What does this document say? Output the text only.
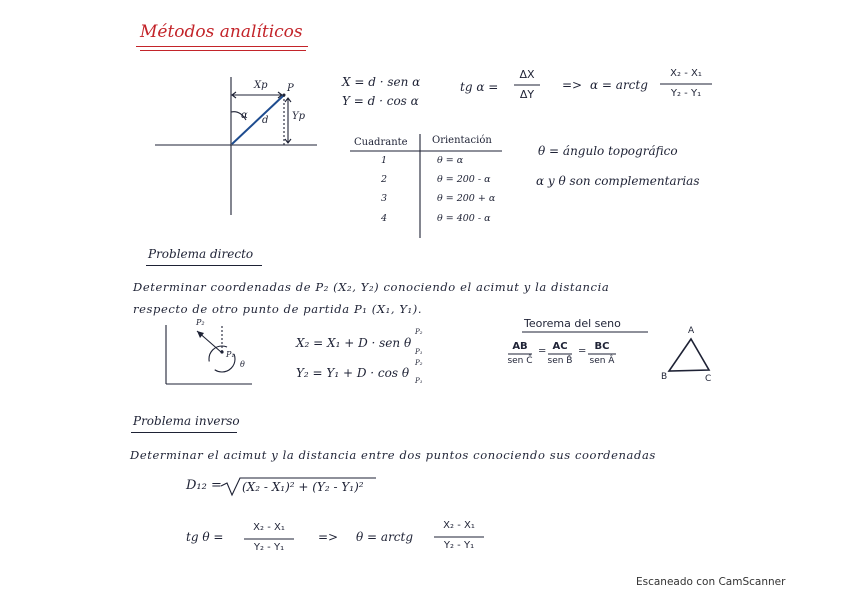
Métodos analíticos
Xp P
Yp
α d
X = d · sen α
Y = d · cos α
tg α =
ΔX
ΔY
=> α = arctg
X₂ - X₁
Y₂ - Y₁
Cuadrante Orientación
1	θ = α
2	θ = 200 - α
3	θ = 200 + α
4	θ = 400 - α
θ = ángulo topográfico
α y θ son complementarias
Problema directo
Determinar coordenadas de P₂ (X₂, Y₂) conociendo el acimut y la distancia
respecto de otro punto de partida P₁ (X₁, Y₁).
P₂
P₁
θ
X₂ = X₁ + D · sen θ
Y₂ = Y₁ + D · cos θ
P₂
P₁
P₂
P₁
Teorema del seno
AB
sen Ĉ
= AC
sen B̂
= BC
sen Â
A
B	C
Problema inverso
Determinar el acimut y la distancia entre dos puntos conociendo sus coordenadas
D₁₂ = (X₂ - X₁)² + (Y₂ - Y₁)²
tg θ =
X₂ - X₁
Y₂ - Y₁
=> θ = arctg
X₂ - X₁
Y₂ - Y₁
Escaneado con CamScanner
